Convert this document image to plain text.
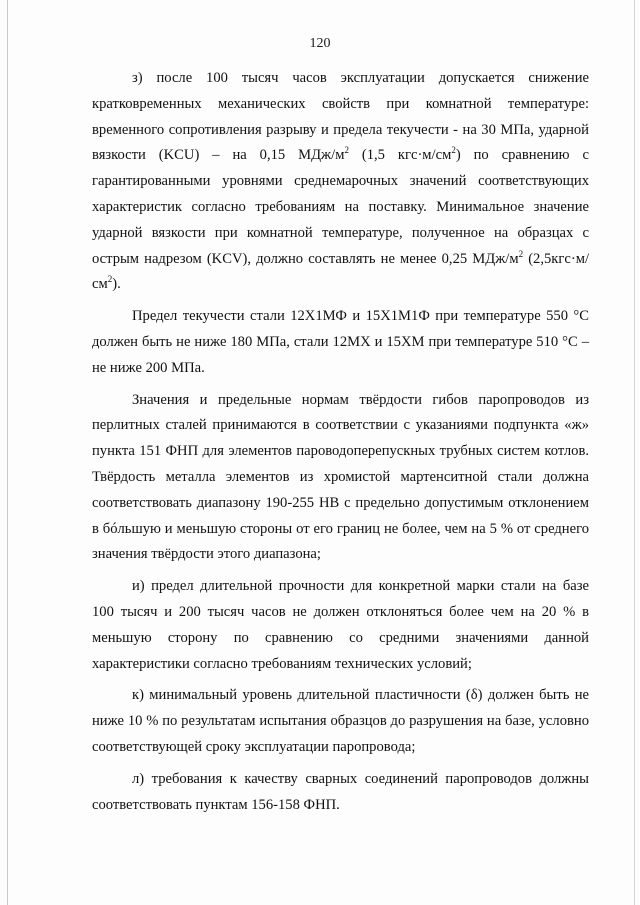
120

з) после 100 тысяч часов эксплуатации допускается снижение кратковременных механических свойств при комнатной температуре: временного сопротивления разрыву и предела текучести - на 30 МПа, ударной вязкости (KCU) – на 0,15 МДж/$м^2$ (1,5 $кгс\cdot м/см^2$) по сравнению с гарантированными уровнями среднемарочных значений соответствующих характеристик согласно требованиям на поставку. Минимальное значение ударной вязкости при комнатной температуре, полученное на образцах с острым надрезом (KCV), должно составлять не менее 0,25 МДж/$м^2$ $(2,5кгс\cdot м/см^2)$.

Предел текучести стали 12Х1МФ и 15Х1М1Ф при температуре 550 °С должен быть не ниже 180 МПа, стали 12МХ и 15ХМ при температуре 510 °С – не ниже 200 МПа.

Значения и предельные нормам твёрдости гибов паропроводов из перлитных сталей принимаются в соответствии с указаниями подпункта «ж» пункта 151 ФНП для элементов пароводоперепускных трубных систем котлов. Твёрдость металла элементов из хромистой мартенситной стали должна соответствовать диапазону 190-255 НВ с предельно допустимым отклонением в бóльшую и меньшую стороны от его границ не более, чем на 5 % от среднего значения твёрдости этого диапазона;

и) предел длительной прочности для конкретной марки стали на базе 100 тысяч и 200 тысяч часов не должен отклоняться более чем на 20 % в меньшую сторону по сравнению со средними значениями данной характеристики согласно требованиям технических условий;

к) минимальный уровень длительной пластичности (δ) должен быть не ниже 10 % по результатам испытания образцов до разрушения на базе, условно соответствующей сроку эксплуатации паропровода;

л) требования к качеству сварных соединений паропроводов должны соответствовать пунктам 156-158 ФНП.
